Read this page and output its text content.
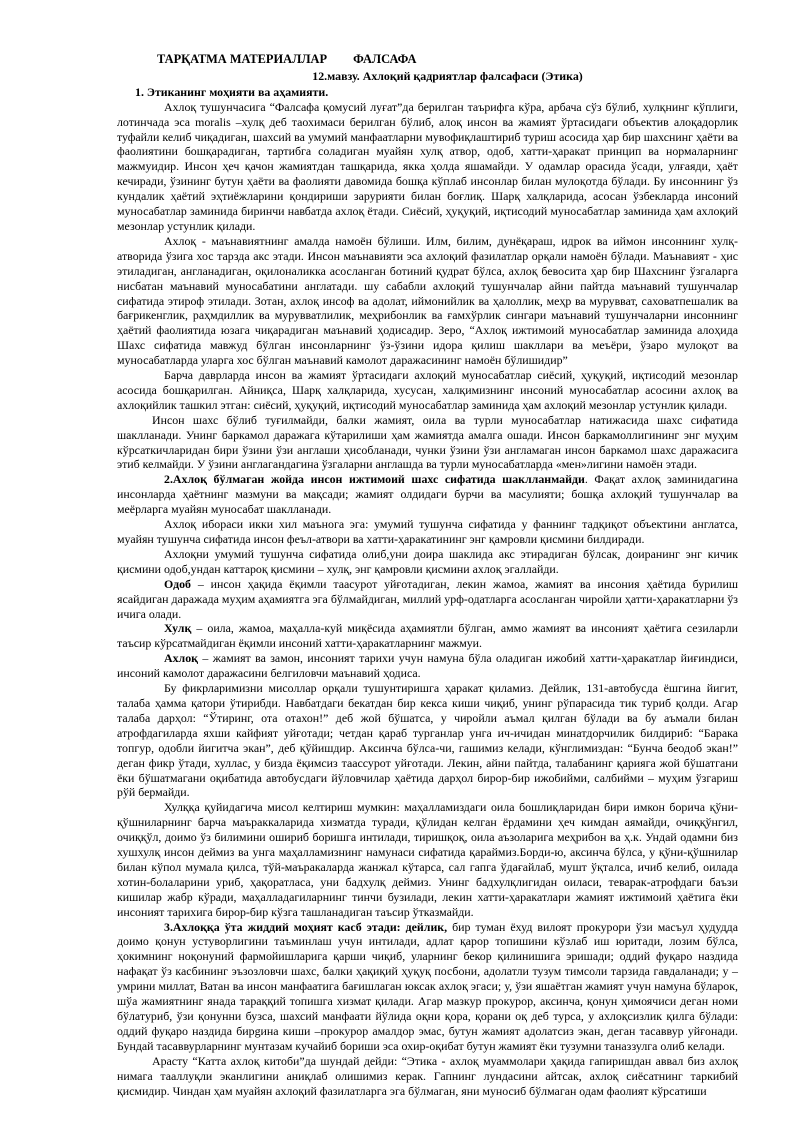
ТАРҚАТМА МАТЕРИАЛЛАР ФАЛСАФА
12.мавзу. Ахлоқий қадриятлар фалсафаси (Этика)
1. Этиканинг моҳияти ва аҳамияти.

Ахлоқ тушунчасига “Фалсафа қомусий луғат”да берилган таърифга кўра, арбача сўз бўлиб, хулқнинг кўплиги, лотинчада эса moralis –хулқ деб таохимаси берилган бўлиб, алоқ инсон ва жамият ўртасидаги объектив алоқадорлик туфайли келиб чиқадиган, шахсий ва умумий манфаатларни мувофиқлаштириб туриш асосида ҳар бир шахснинг ҳаёти ва фаолиятини бошқарадиган, тартибга соладиган муайян хулқ атвор, одоб, хатти-ҳаракат принцип ва нормаларнинг мажмуидир. Инсон ҳеч қачон жамиятдан ташқарида, якка ҳолда яшамайди. У одамлар орасида ўсади, улғаяди, ҳаёт кечиради, ўзининг бутун ҳаёти ва фаолияти давомида бошқа кўплаб инсонлар билан мулоқотда бўлади. Бу инсоннинг ўз кундалик ҳаётий эҳтиёжларини қондириши зарурияти билан боғлиқ. Шарқ халқларида, асосан ўзбекларда инсоний муносабатлар заминида биринчи навбатда ахлоқ ётади. Сиёсий, ҳуқуқий, иқтисодий муносабатлар заминида ҳам ахлоқий мезонлар устунлик қилади.

Ахлоқ - маънавиятнинг амалда намоён бўлиши. Илм, билим, дунёқараш, идрок ва иймон инсоннинг хулқ-атворида ўзига хос тарзда акс этади. Инсон маънавияти эса ахлоқий фазилатлар орқали намоён бўлади. Маънавият - ҳис этиладиган, англанадиган, оқилоналикка асосланган ботиний қудрат бўлса, ахлоқ бевосита ҳар бир Шахснинг ўзгаларга нисбатан маънавий муносабатини англатади. шу сабабли ахлоқий тушунчалар айни пайтда маънавий тушунчалар сифатида этироф этилади. Зотан, ахлоқ инсоф ва адолат, иймонийлик ва ҳалоллик, меҳр ва мурувват, саховатпешалик ва бағрикенглик, раҳмдиллик ва мурувватлилик, меҳрибонлик ва ғамхўрлик сингари маънавий тушунчаларни инсоннинг ҳаётий фаолиятида юзага чиқарадиган маънавий ҳодисадир. Зеро, “Ахлоқ ижтимоий муносабатлар заминида алоҳида Шахс сифатида мавжуд бўлган инсонларнинг ўз-ўзини идора қилиш шакллари ва меъёри, ўзаро мулоқот ва муносабатларда уларга хос бўлган маънавий камолот даражасининг намоён бўлишидир”

Барча даврларда инсон ва жамият ўртасидаги ахлоқий муносабатлар сиёсий, ҳуқуқий, иқтисодий мезонлар асосида бошқарилган. Айниқса, Шарқ халқларида, хусусан, халқимизнинг инсоний муносабатлар асосини ахлоқ ва ахлоқийлик ташкил этган: сиёсий, ҳуқуқий, иқтисодий муносабатлар заминида ҳам ахлоқий мезонлар устунлик қилади.

Инсон шахс бўлиб туғилмайди, балки жамият, оила ва турли муносабатлар натижасида шахс сифатида шаклланади. Унинг баркамол даражага кўтарилиши ҳам жамиятда амалга ошади. Инсон баркамоллигининг энг муҳим кўрсаткичларидан бири ўзини ўзи англаши ҳисобланади, чунки ўзини ўзи англамаган инсон баркамол шахс даражасига этиб келмайди. У ўзини англагандагина ўзгаларни англашда ва турли муносабатларда «мен»лигини намоён этади.

2.Ахлоқ бўлмаган жойда инсон ижтимоий шахс сифатида шаклланмайди. Фақат ахлоқ заминидагина инсонларда ҳаётнинг мазмуни ва мақсади; жамият олдидаги бурчи ва масулияти; бошқа ахлоқий тушунчалар ва меёрларга муайян муносабат шаклланади.

Ахлоқ ибораси икки хил маънога эга: умумий тушунча сифатида у фаннинг тадқиқот объектини англатса, муайян тушунча сифатида инсон феъл-атвори ва хатти-ҳаракатининг энг қамровли қисмини билдиради.

Ахлоқни умумий тушунча сифатида олиб,уни доира шаклида акс этирадиган бўлсак, доиранинг энг кичик қисмини одоб,ундан каттароқ қисмини – хулқ, энг қамровли қисмини ахлоқ эгаллайди.

Одоб – инсон ҳақида ёқимли таасурот уйғотадиган, лекин жамоа, жамият ва инсония ҳаётида бурилиш ясайдиган даражада муҳим аҳамиятга эга бўлмайдиган, миллий урф-одатларга асосланган чиройли ҳатти-ҳаракатларни ўз ичига олади.

Хулқ – оила, жамоа, маҳалла-куй миқёсида аҳамиятли бўлган, аммо жамият ва инсоният ҳаётига сезиларли таъсир кўрсатмайдиган ёқимли инсоний хатти-ҳаракатларнинг мажмуи.

Ахлоқ – жамият ва замон, инсоният тарихи учун намуна бўла оладиган ижобий хатти-ҳаракатлар йиғиндиси, инсоний камолот даражасини белгиловчи маънавий ҳодиса.

Бу фикрларимизни мисоллар орқали тушунтиришга ҳаракат қиламиз. Дейлик, 131-автобусда ёшгина йигит, талаба ҳамма қатори ўтирибди. Навбатдаги бекатдан бир кекса киши чиқиб, унинг рўпарасида тик туриб қолди. Агар талаба дарҳол: “Ўтиринг, ота отахон!” деб жой бўшатса, у чиройли аъмал қилган бўлади ва бу аъмали билан атрофдагиларда яхши кайфият уйғотади; четдан қараб турганлар унга ич-ичидан минатдорчилик билдириб: “Барака топгур, одобли йигитча экан”, деб қўйишдир. Аксинча бўлса-чи, гашимиз келади, кўнглимиздан: “Бунча беодоб экан!” деган фикр ўтади, хуллас, у бизда ёқимсиз таассурот уйғотади. Лекин, айни пайтда, талабанинг қарияга жой бўшатгани ёки бўшатмагани оқибатида автобусдаги йўловчилар ҳаётида дарҳол бирор-бир ижобийми, салбийми – муҳим ўзгариш рўй бермайди.

Хулққа қуйидагича мисол келтириш мумкин: маҳалламиздаги оила бошлиқларидан бири имкон борича қўни-қўшниларнинг барча маъраккаларида хизматда туради, қўлидан келган ёрдамини ҳеч кимдан аямайди, очиққўнгил, очиққўл, доимо ўз билимини ошириб боришга интилади, тиришқоқ, оила аъзоларига меҳрибон ва ҳ.к. Ундай одамни биз хушхулқ инсон деймиз ва унга маҳалламизнинг намунаси сифатида қараймиз.Борди-ю, аксинча бўлса, у қўни-қўшнилар билан кўпол мумала қилса, тўй-маъракаларда жанжал кўтарса, сал гапга ўдағайлаб, мушт ўқталса, ичиб келиб, оилада хотин-болаларини уриб, ҳақоратласа, уни бадхулқ деймиз. Унинг бадхулқлигидан оиласи, теварак-атрофдаги баъзи кишилар жабр кўради, маҳалладагиларнинг тинчи бузилади, лекин хатти-ҳаракатлари жамият ижтимоий ҳаётига ёки инсоният тарихига бирор-бир кўзга ташланадиган таъсир ўтказмайди.

3.Ахлоққа ўта жиддий моҳият касб этади: дейлик, бир туман ёхуд вилоят прокурори ўзи масъул ҳудудда доимо қонун устуворлигини таъминлаш учун интилади, адлат қарор топишини кўзлаб иш юритади, лозим бўлса, ҳокимнинг ноқонуний фармойишларига қарши чиқиб, уларнинг бекор қилинишига эришади; оддий фуқаро наздида нафақат ўз касбининг эъзозловчи шахс, балки ҳақиқий ҳуқуқ посбони, адолатли тузум тимсоли тарзида гавдаланади; у – умрини миллат, Ватан ва инсон манфаатига бағишлаган юксак ахлоқ эгаси; у, ўзи яшаётган жамият учун намуна бўларок, шўа жамиятнинг янада тараққий топишга хизмат қилади. Агар мазкур прокурор, аксинча, қонун ҳимоячиси деган номи бўлатуриб, ўзи қонунни бузса, шахсий манфаати йўлида оқни қора, қорани оқ деб турса, у ахлоқсизлик қилга бўлади: оддий фуқаро наздида бирgина киши –прокурор амалдор эмас, бутун жамият адолатсиз экан, деган тасаввур уйғонади. Бундай тасаввурларнинг мунтазам кучайиб бориши эса охир-оқибат бутун жамият ёки тузумни таназзулга олиб келади.

Арасту “Катта ахлоқ китоби”да шундай дейди: “Этика - ахлоқ муаммолари ҳақида гапиришдан аввал биз ахлоқ нимага тааллуқли эканлигини аниқлаб олишимиз керак. Гапнинг лундасини айтсак, ахлоқ сиёсатнинг таркибий қисмидир. Чиндан ҳам муайян ахлоқий фазилатларга эга бўлмаган, яни муносиб бўлмаган одам фаолият кўрсатиши
